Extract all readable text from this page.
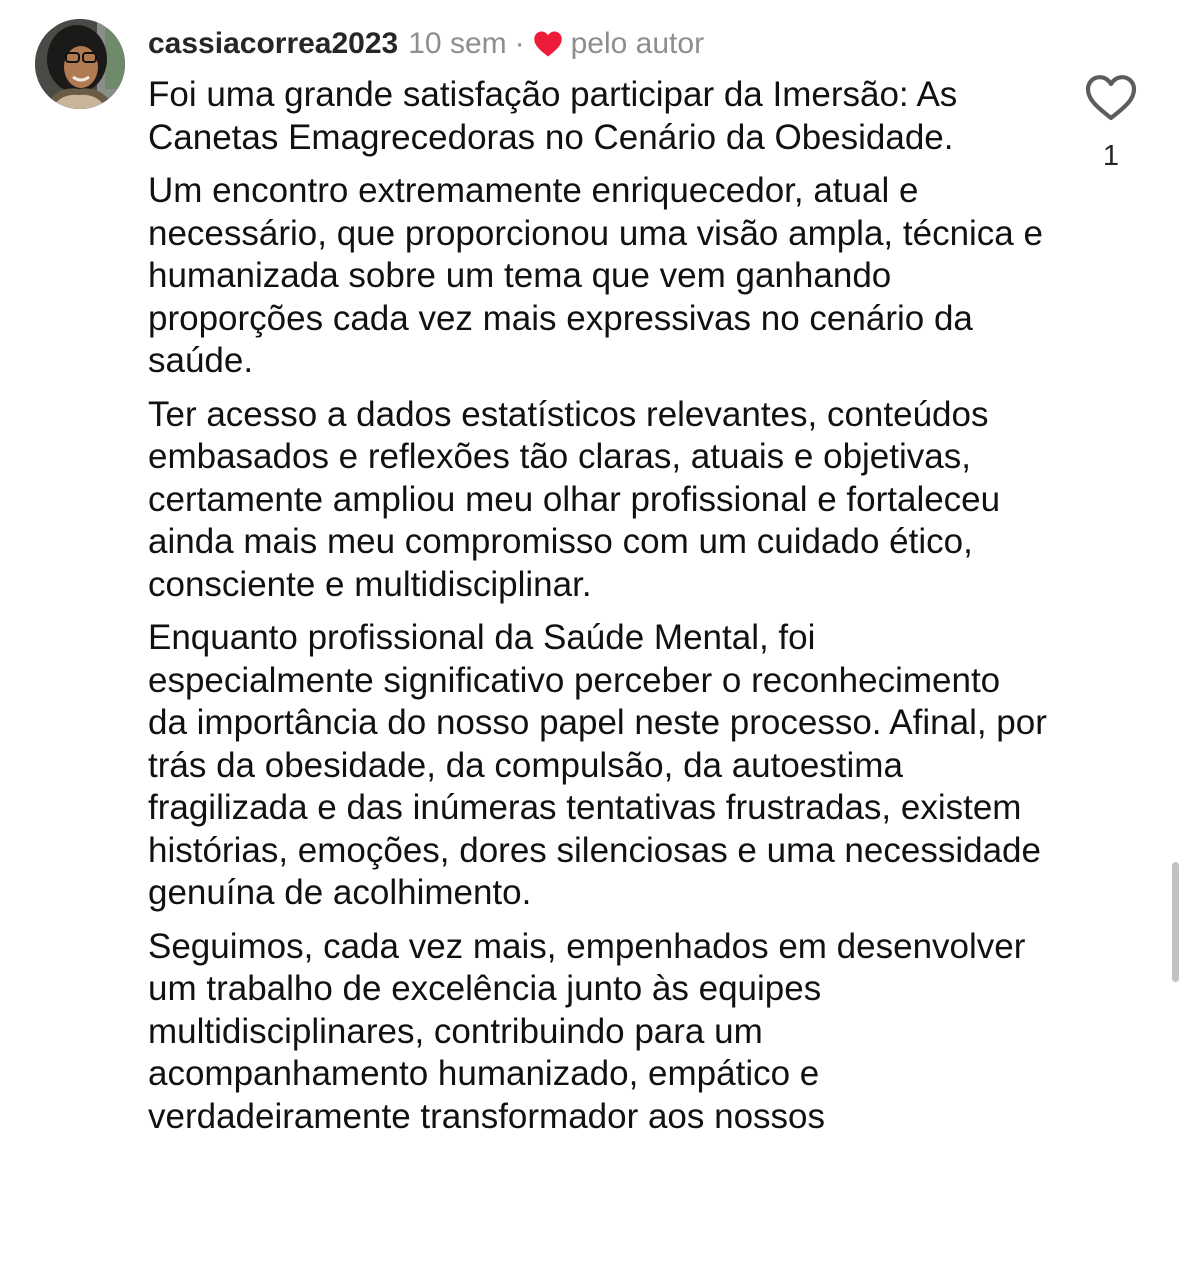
cassiacorrea2023 10 sem · pelo autor

Foi uma grande satisfação participar da Imersão: As Canetas Emagrecedoras no Cenário da Obesidade.

Um encontro extremamente enriquecedor, atual e necessário, que proporcionou uma visão ampla, técnica e humanizada sobre um tema que vem ganhando proporções cada vez mais expressivas no cenário da saúde.

Ter acesso a dados estatísticos relevantes, conteúdos embasados e reflexões tão claras, atuais e objetivas, certamente ampliou meu olhar profissional e fortaleceu ainda mais meu compromisso com um cuidado ético, consciente e multidisciplinar.

Enquanto profissional da Saúde Mental, foi especialmente significativo perceber o reconhecimento da importância do nosso papel neste processo. Afinal, por trás da obesidade, da compulsão, da autoestima fragilizada e das inúmeras tentativas frustradas, existem histórias, emoções, dores silenciosas e uma necessidade genuína de acolhimento.

Seguimos, cada vez mais, empenhados em desenvolver um trabalho de excelência junto às equipes multidisciplinares, contribuindo para um acompanhamento humanizado, empático e verdadeiramente transformador aos nossos

1
